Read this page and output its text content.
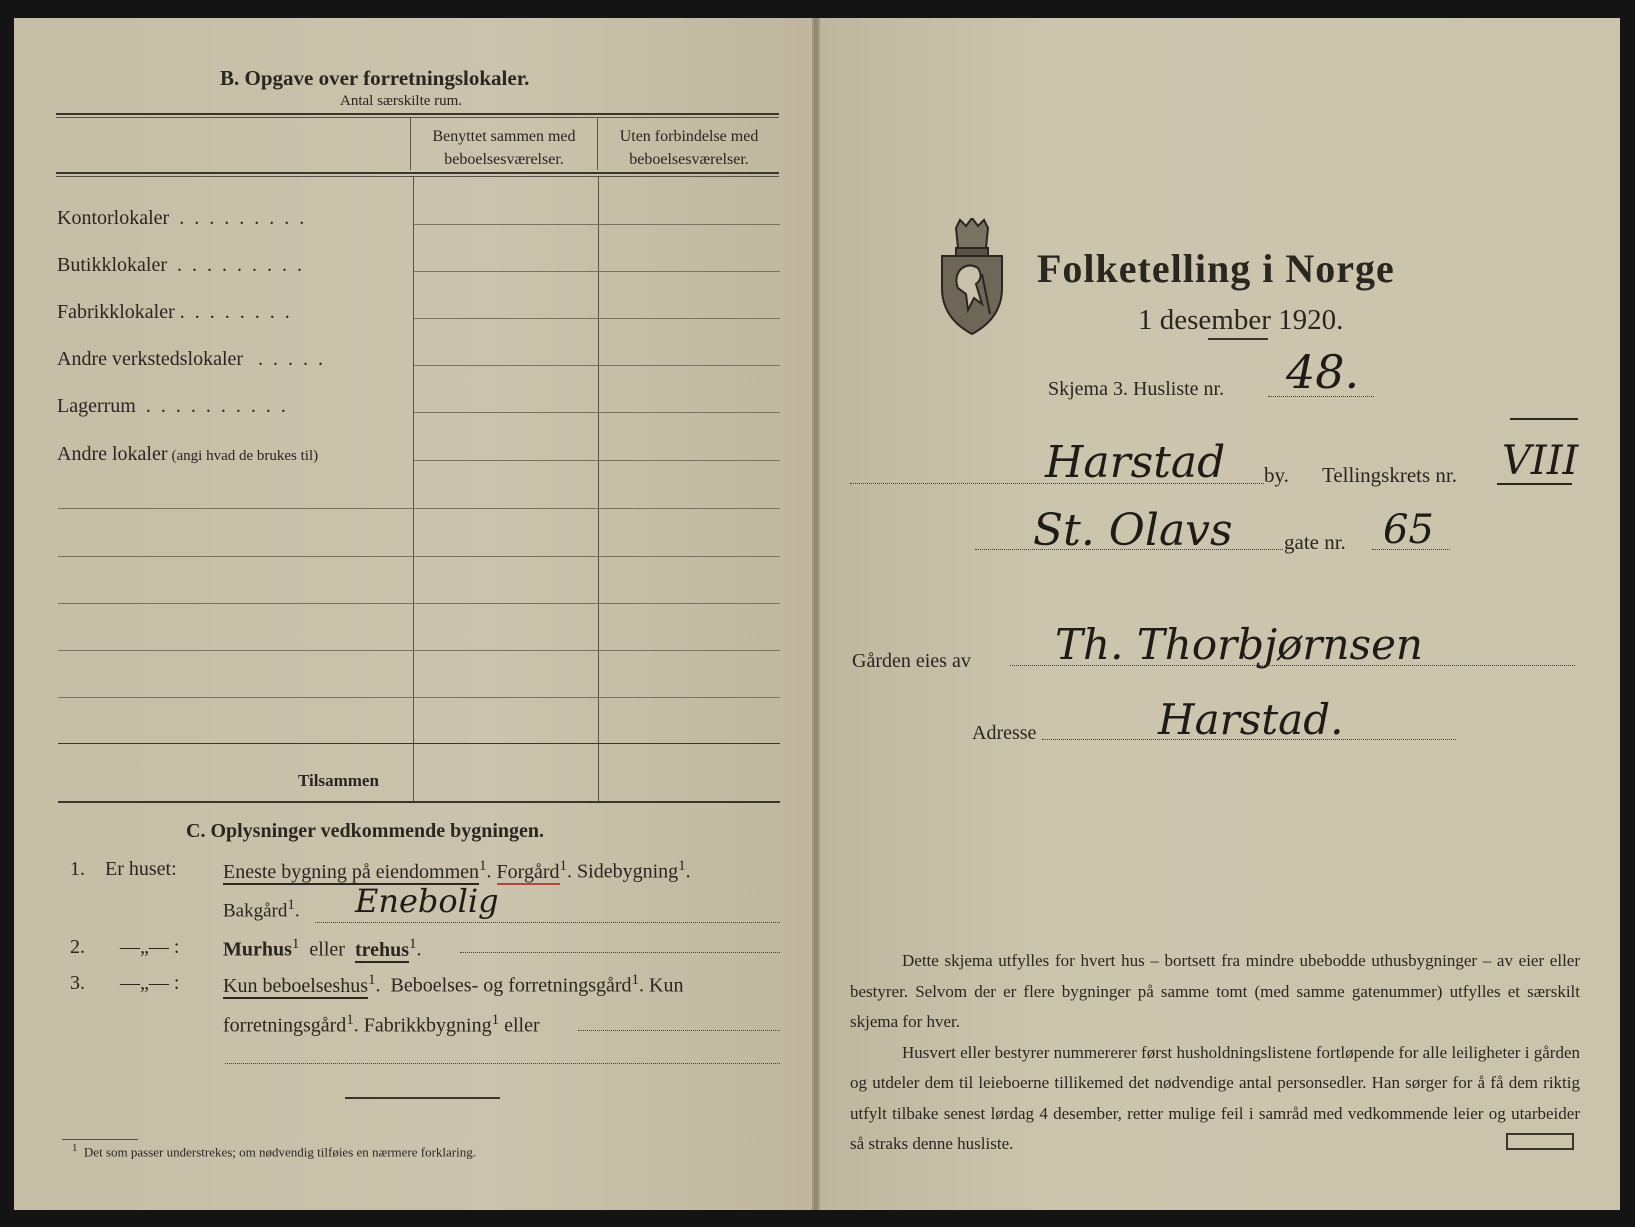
B. Opgave over forretningslokaler.
Antal særskilte rum.
Benyttet sammen med
beboelsesværelser.
Uten forbindelse med
beboelsesværelser.
Kontorlokaler  .  .  .  .  .  .  .  .  .
Butikklokaler  .  .  .  .  .  .  .  .  .
Fabrikklokaler .  .  .  .  .  .  .  .
Andre verkstedslokaler   .  .  .  .  .
Lagerrum  .  .  .  .  .  .  .  .  .  .
Andre lokaler (angi hvad de brukes til)
Tilsammen
C. Oplysninger vedkommende bygningen.
1. Er huset: Eneste bygning på eiendommen$^1$. Forgård$^1$. Sidebygning$^1$.
Bakgård$^1$. Enebolig
2. —„— : Murhus$^1$ eller trehus$^1$.
3. —„— : Kun beboelseshus$^1$.  Beboelses- og forretningsgård$^1$. Kun
forretningsgård$^1$. Fabrikkbygning$^1$ eller
$^1$ Det som passer understrekes; om nødvendig tilføies en nærmere forklaring.
Folketelling i Norge
1 desember 1920.
Skjema 3. Husliste nr. 48.
Harstad by. Tellingskrets nr. VIII
St. Olavs gate nr. 65
Gården eies av Th. Thorbjørnsen
Adresse	Harstad.

Dette skjema utfylles for hvert hus – bortsett fra mindre ubebodde uthusbygninger – av eier eller bestyrer. Selvom der er flere bygninger på samme tomt (med samme gatenummer) utfylles et særskilt skjema for hver.

Husvert eller bestyrer nummererer først husholdningslistene fortløpende for alle leiligheter i gården og utdeler dem til leieboerne tillikemed det nødvendige antal personsedler. Han sørger for å få dem riktig utfylt tilbake senest lørdag 4 desember, retter mulige feil i samråd med vedkommende leier og utarbeider så straks denne husliste.
